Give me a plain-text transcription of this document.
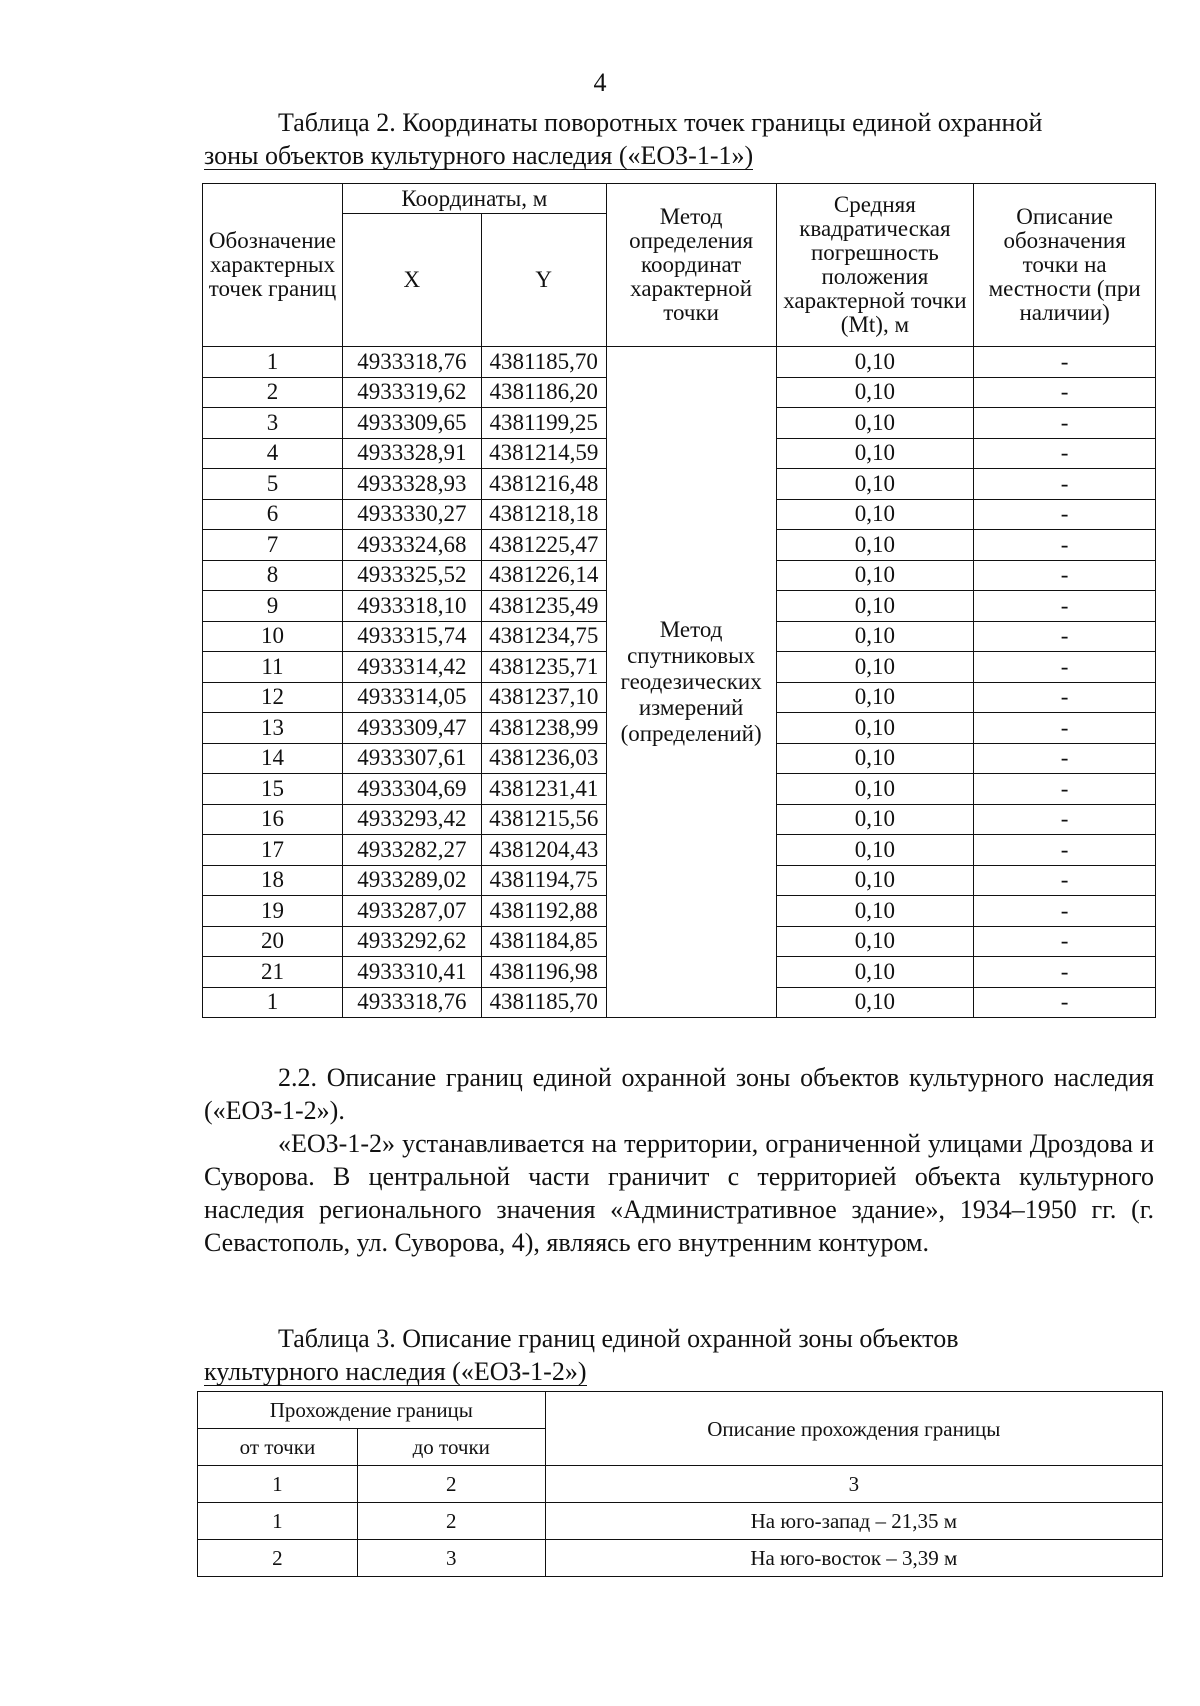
4
Таблица 2. Координаты поворотных точек границы единой охранной
зоны объектов культурного наследия («ЕОЗ-1-1»)
Обозначение характерных точек границ	Координаты, м		Метод определения координат характерной точки	Средняя квадратическая погрешность положения характерной точки (Mt), м	Описание обозначения точки на местности (при наличии)
	X	Y			
1	4933318,76	4381185,70	Метод спутниковых геодезических измерений (определений)	0,10	-
2	4933319,62	4381186,20		0,10	-
3	4933309,65	4381199,25		0,10	-
4	4933328,91	4381214,59		0,10	-
5	4933328,93	4381216,48		0,10	-
6	4933330,27	4381218,18		0,10	-
7	4933324,68	4381225,47		0,10	-
8	4933325,52	4381226,14		0,10	-
9	4933318,10	4381235,49		0,10	-
10	4933315,74	4381234,75		0,10	-
11	4933314,42	4381235,71		0,10	-
12	4933314,05	4381237,10		0,10	-
13	4933309,47	4381238,99		0,10	-
14	4933307,61	4381236,03		0,10	-
15	4933304,69	4381231,41		0,10	-
16	4933293,42	4381215,56		0,10	-
17	4933282,27	4381204,43		0,10	-
18	4933289,02	4381194,75		0,10	-
19	4933287,07	4381192,88		0,10	-
20	4933292,62	4381184,85		0,10	-
21	4933310,41	4381196,98		0,10	-
1	4933318,76	4381185,70		0,10	-
2.2. Описание границ единой охранной зоны объектов культурного наследия («ЕОЗ-1-2»).
«ЕОЗ-1-2» устанавливается на территории, ограниченной улицами Дроздова и Суворова. В центральной части граничит с территорией объекта культурного наследия регионального значения «Административное здание», 1934–1950 гг. (г. Севастополь, ул. Суворова, 4), являясь его внутренним контуром.
Таблица 3. Описание границ единой охранной зоны объектов
культурного наследия («ЕОЗ-1-2»)
Прохождение границы		Описание прохождения границы
от точки	до точки	
1	2	3
1	2	На юго-запад – 21,35 м
2	3	На юго-восток – 3,39 м
